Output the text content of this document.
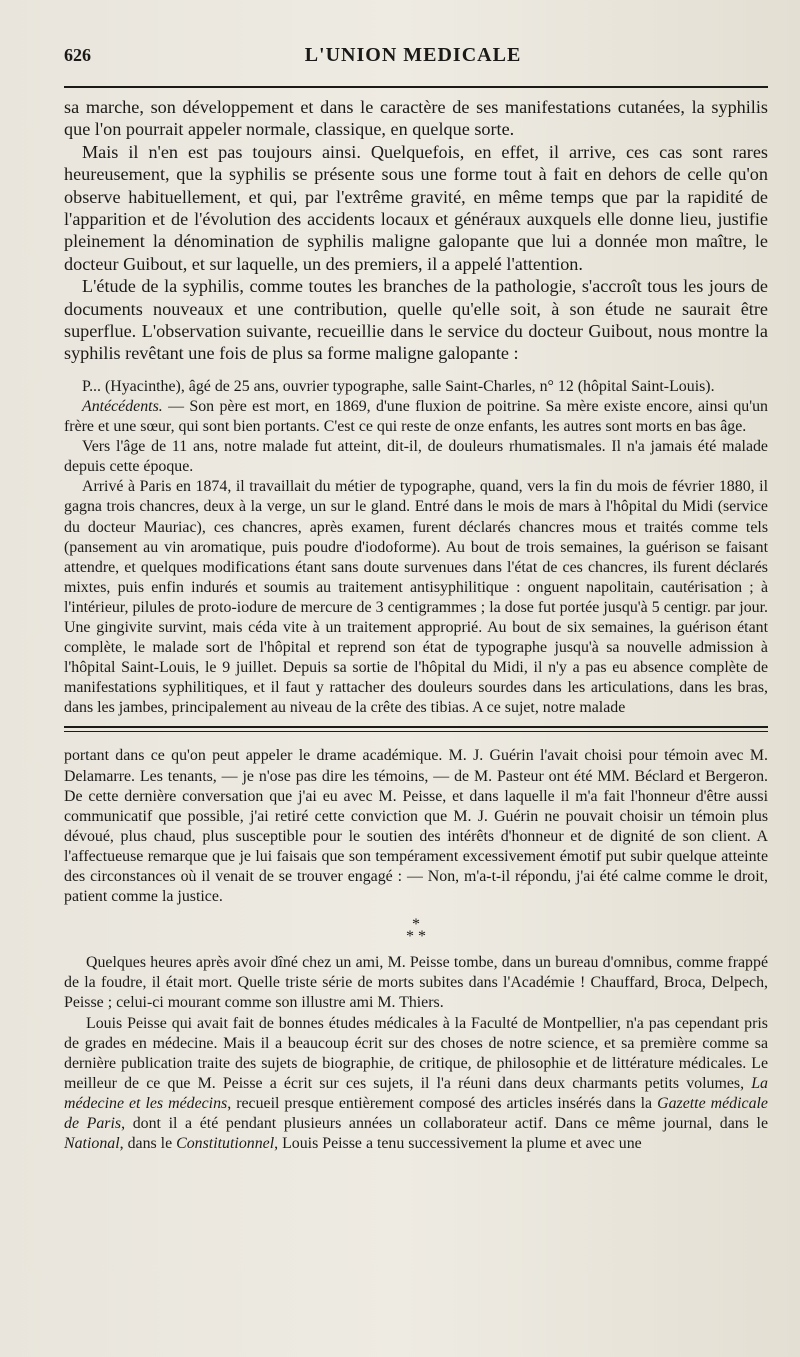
626	L'UNION MEDICALE

sa marche, son développement et dans le caractère de ses manifestations cutanées, la syphilis que l'on pourrait appeler normale, classique, en quelque sorte.

Mais il n'en est pas toujours ainsi. Quelquefois, en effet, il arrive, ces cas sont rares heureusement, que la syphilis se présente sous une forme tout à fait en dehors de celle qu'on observe habituellement, et qui, par l'extrême gravité, en même temps que par la rapidité de l'apparition et de l'évolution des accidents locaux et généraux auxquels elle donne lieu, justifie pleinement la dénomination de syphilis maligne galopante que lui a donnée mon maître, le docteur Guibout, et sur laquelle, un des premiers, il a appelé l'attention.

L'étude de la syphilis, comme toutes les branches de la pathologie, s'accroît tous les jours de documents nouveaux et une contribution, quelle qu'elle soit, à son étude ne saurait être superflue. L'observation suivante, recueillie dans le service du docteur Guibout, nous montre la syphilis revêtant une fois de plus sa forme maligne galopante :

P... (Hyacinthe), âgé de 25 ans, ouvrier typographe, salle Saint-Charles, n° 12 (hôpital Saint-Louis).

Antécédents. — Son père est mort, en 1869, d'une fluxion de poitrine. Sa mère existe encore, ainsi qu'un frère et une sœur, qui sont bien portants. C'est ce qui reste de onze enfants, les autres sont morts en bas âge.

Vers l'âge de 11 ans, notre malade fut atteint, dit-il, de douleurs rhumatismales. Il n'a jamais été malade depuis cette époque.

Arrivé à Paris en 1874, il travaillait du métier de typographe, quand, vers la fin du mois de février 1880, il gagna trois chancres, deux à la verge, un sur le gland. Entré dans le mois de mars à l'hôpital du Midi (service du docteur Mauriac), ces chancres, après examen, furent déclarés chancres mous et traités comme tels (pansement au vin aromatique, puis poudre d'iodoforme). Au bout de trois semaines, la guérison se faisant attendre, et quelques modifications étant sans doute survenues dans l'état de ces chancres, ils furent déclarés mixtes, puis enfin indurés et soumis au traitement antisyphilitique : onguent napolitain, cautérisation ; à l'intérieur, pilules de proto-iodure de mercure de 3 centigrammes ; la dose fut portée jusqu'à 5 centigr. par jour. Une gingivite survint, mais céda vite à un traitement approprié. Au bout de six semaines, la guérison étant complète, le malade sort de l'hôpital et reprend son état de typographe jusqu'à sa nouvelle admission à l'hôpital Saint-Louis, le 9 juillet. Depuis sa sortie de l'hôpital du Midi, il n'y a pas eu absence complète de manifestations syphilitiques, et il faut y rattacher des douleurs sourdes dans les articulations, dans les bras, dans les jambes, principalement au niveau de la crête des tibias. A ce sujet, notre malade

portant dans ce qu'on peut appeler le drame académique. M. J. Guérin l'avait choisi pour témoin avec M. Delamarre. Les tenants, — je n'ose pas dire les témoins, — de M. Pasteur ont été MM. Béclard et Bergeron. De cette dernière conversation que j'ai eu avec M. Peisse, et dans laquelle il m'a fait l'honneur d'être aussi communicatif que possible, j'ai retiré cette conviction que M. J. Guérin ne pouvait choisir un témoin plus dévoué, plus chaud, plus susceptible pour le soutien des intérêts d'honneur et de dignité de son client. A l'affectueuse remarque que je lui faisais que son tempérament excessivement émotif put subir quelque atteinte des circonstances où il venait de se trouver engagé : — Non, m'a-t-il répondu, j'ai été calme comme le droit, patient comme la justice.

*
* *

Quelques heures après avoir dîné chez un ami, M. Peisse tombe, dans un bureau d'omnibus, comme frappé de la foudre, il était mort. Quelle triste série de morts subites dans l'Académie ! Chauffard, Broca, Delpech, Peisse ; celui-ci mourant comme son illustre ami M. Thiers.

Louis Peisse qui avait fait de bonnes études médicales à la Faculté de Montpellier, n'a pas cependant pris de grades en médecine. Mais il a beaucoup écrit sur des choses de notre science, et sa première comme sa dernière publication traite des sujets de biographie, de critique, de philosophie et de littérature médicales. Le meilleur de ce que M. Peisse a écrit sur ces sujets, il l'a réuni dans deux charmants petits volumes, La médecine et les médecins, recueil presque entièrement composé des articles insérés dans la Gazette médicale de Paris, dont il a été pendant plusieurs années un collaborateur actif. Dans ce même journal, dans le National, dans le Constitutionnel, Louis Peisse a tenu successivement la plume et avec une
